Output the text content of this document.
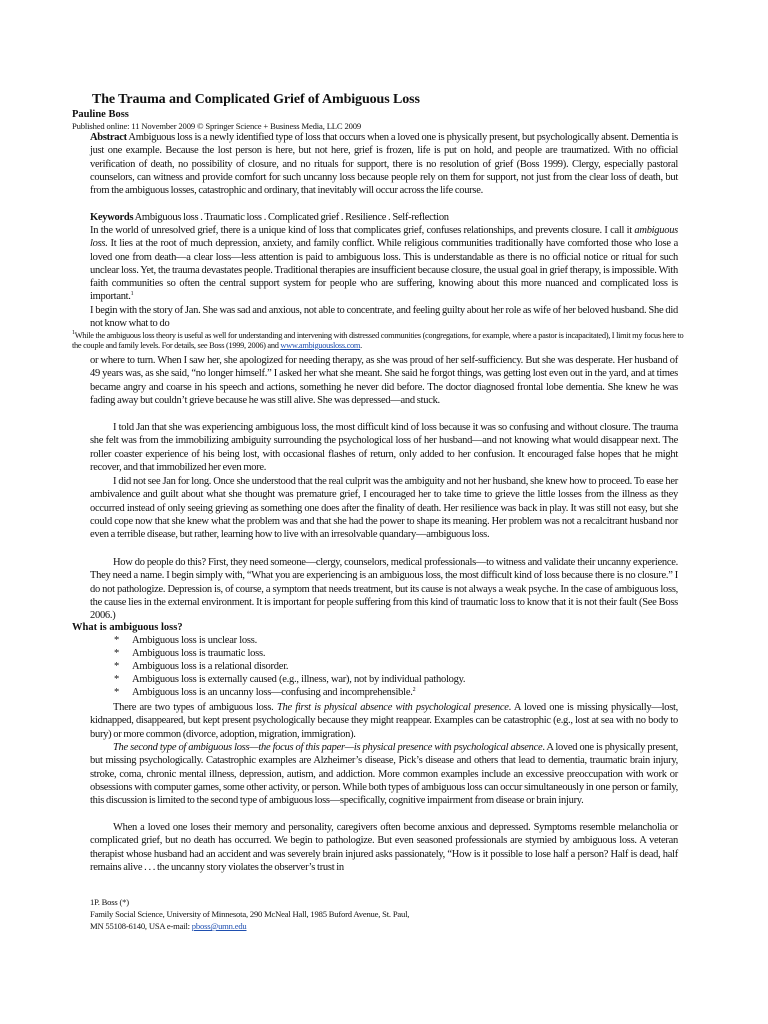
The Trauma and Complicated Grief of Ambiguous Loss
Pauline Boss
Published online: 11 November 2009 © Springer Science + Business Media, LLC 2009
Abstract Ambiguous loss is a newly identified type of loss that occurs when a loved one is physically present, but psychologically absent. Dementia is just one example. Because the lost person is here, but not here, grief is frozen, life is put on hold, and people are traumatized. With no official verification of death, no possibility of closure, and no rituals for support, there is no resolution of grief (Boss 1999). Clergy, especially pastoral counselors, can witness and provide comfort for such uncanny loss because people rely on them for support, not just from the clear loss of death, but from the ambiguous losses, catastrophic and ordinary, that inevitably will occur across the life course.
Keywords Ambiguous loss . Traumatic loss . Complicated grief . Resilience . Self-reflection
In the world of unresolved grief, there is a unique kind of loss that complicates grief, confuses relationships, and prevents closure. I call it ambiguous loss. It lies at the root of much depression, anxiety, and family conflict. While religious communities traditionally have comforted those who lose a loved one from death—a clear loss—less attention is paid to ambiguous loss. This is understandable as there is no official notice or ritual for such unclear loss. Yet, the trauma devastates people. Traditional therapies are insufficient because closure, the usual goal in grief therapy, is impossible. With faith communities so often the central support system for people who are suffering, knowing about this more nuanced and complicated loss is important.$^1$
I begin with the story of Jan. She was sad and anxious, not able to concentrate, and feeling guilty about her role as wife of her beloved husband. She did not know what to do
$^1$While the ambiguous loss theory is useful as well for understanding and intervening with distressed communities (congregations, for example, where a pastor is incapacitated), I limit my focus here to the couple and family levels. For details, see Boss (1999, 2006) and www.ambiguousloss.com.
or where to turn. When I saw her, she apologized for needing therapy, as she was proud of her self-sufficiency. But she was desperate. Her husband of 49 years was, as she said, “no longer himself.” I asked her what she meant. She said he forgot things, was getting lost even out in the yard, and at times became angry and coarse in his speech and actions, something he never did before. The doctor diagnosed frontal lobe dementia. She knew he was fading away but couldn’t grieve because he was still alive. She was depressed—and stuck.
I told Jan that she was experiencing ambiguous loss, the most difficult kind of loss because it was so confusing and without closure. The trauma she felt was from the immobilizing ambiguity surrounding the psychological loss of her husband—and not knowing what would disappear next. The roller coaster experience of his being lost, with occasional flashes of return, only added to her confusion. It encouraged false hopes that he might recover, and that immobilized her even more.
I did not see Jan for long. Once she understood that the real culprit was the ambiguity and not her husband, she knew how to proceed. To ease her ambivalence and guilt about what she thought was premature grief, I encouraged her to take time to grieve the little losses from the illness as they occurred instead of only seeing grieving as something one does after the finality of death. Her resilience was back in play. It was still not easy, but she could cope now that she knew what the problem was and that she had the power to shape its meaning. Her problem was not a recalcitrant husband nor even a terrible disease, but rather, learning how to live with an irresolvable quandary—ambiguous loss.
How do people do this? First, they need someone—clergy, counselors, medical professionals—to witness and validate their uncanny experience. They need a name. I begin simply with, “What you are experiencing is an ambiguous loss, the most difficult kind of loss because there is no closure.” I do not pathologize. Depression is, of course, a symptom that needs treatment, but its cause is not always a weak psyche. In the case of ambiguous loss, the cause lies in the external environment. It is important for people suffering from this kind of traumatic loss to know that it is not their fault (See Boss 2006.)
What is ambiguous loss?
* Ambiguous loss is unclear loss.
* Ambiguous loss is traumatic loss.
* Ambiguous loss is a relational disorder.
* Ambiguous loss is externally caused (e.g., illness, war), not by individual pathology.
* Ambiguous loss is an uncanny loss—confusing and incomprehensible.$^2$
There are two types of ambiguous loss. The first is physical absence with psychological presence. A loved one is missing physically—lost, kidnapped, disappeared, but kept present psychologically because they might reappear. Examples can be catastrophic (e.g., lost at sea with no body to bury) or more common (divorce, adoption, migration, immigration).
The second type of ambiguous loss—the focus of this paper—is physical presence with psychological absence. A loved one is physically present, but missing psychologically. Catastrophic examples are Alzheimer’s disease, Pick’s disease and others that lead to dementia, traumatic brain injury, stroke, coma, chronic mental illness, depression, autism, and addiction. More common examples include an excessive preoccupation with work or obsessions with computer games, some other activity, or person. While both types of ambiguous loss can occur simultaneously in one person or family, this discussion is limited to the second type of ambiguous loss—specifically, cognitive impairment from disease or brain injury.
When a loved one loses their memory and personality, caregivers often become anxious and depressed. Symptoms resemble melancholia or complicated grief, but no death has occurred. We begin to pathologize. But even seasoned professionals are stymied by ambiguous loss. A veteran therapist whose husband had an accident and was severely brain injured asks passionately, “How is it possible to lose half a person? Half is dead, half remains alive . . . the uncanny story violates the observer’s trust in
1P. Boss (*)
Family Social Science, University of Minnesota, 290 McNeal Hall, 1985 Buford Avenue, St. Paul,
MN 55108-6140, USA e-mail: pboss@umn.edu
